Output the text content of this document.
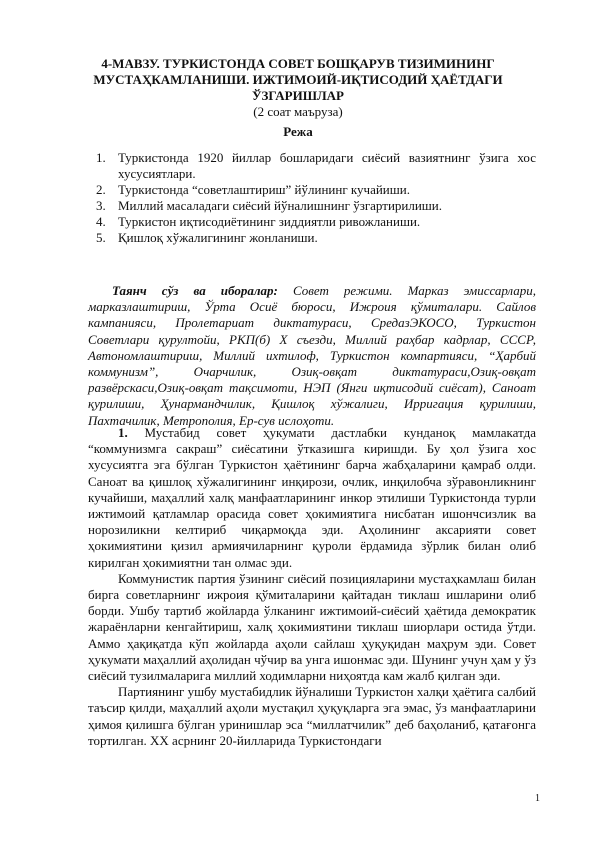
4-МАВЗУ. ТУРКИСТОНДА СОВЕТ БОШҚАРУВ ТИЗИМИНИНГ

МУСТАҲКАМЛАНИШИ. ИЖТИМОИЙ-ИҚТИСОДИЙ ҲАЁТДАГИ

ЎЗГАРИШЛАР

(2 соат маъруза)

Режа
1. Туркистонда 1920 йиллар бошларидаги сиёсий вазиятнинг ўзига хос хусусиятлари.
2. Туркистонда “советлаштириш” йўлининг кучайиши.
3. Миллий масаладаги сиёсий йўналишнинг ўзгартирилиши.
4. Туркистон иқтисодиётининг зиддиятли ривожланиши.
5. Қишлоқ хўжалигининг жонланиши.

Таянч сўз ва иборалар: Совет режими. Марказ эмиссарлари, марказлаштириш, Ўрта Осиё бюроси, Ижроия қўмиталари. Сайлов кампанияси, Пролетариат диктатураси, СредазЭКОСО, Туркистон Советлари қурултойи, РКП(б) Х съезди, Миллий раҳбар кадрлар, СССР, Автономлаштириш, Миллий ихтилоф, Туркистон компартияси, “Ҳарбий коммунизм”, Очарчилик, Озиқ-овқат диктатураси,Озиқ-овқат развёрскаси,Озиқ-овқат тақсимоти, НЭП (Янги иқтисодий сиёсат), Саноат қурилиши, Ҳунармандчилик, Қишлоқ хўжалиги, Ирригация қурилиши, Пахтачилик, Метрополия, Ер-сув ислоҳоти.

1. Мустабид совет ҳукумати дастлабки кунданоқ мамлакатда “коммунизмга сакраш” сиёсатини ўтказишга киришди. Бу ҳол ўзига хос хусусиятга эга бўлган Туркистон ҳаётининг барча жабҳаларини қамраб олди. Саноат ва қишлоқ хўжалигининг инқирози, очлик, инқилобча зўравонликнинг кучайиши, маҳаллий халқ манфаатларининг инкор этилиши Туркистонда турли ижтимоий қатламлар орасида совет ҳокимиятига нисбатан ишончсизлик ва норозиликни келтириб чиқармоқда эди. Аҳолининг аксарияти совет ҳокимиятини қизил армиячиларнинг қуроли ёрдамида зўрлик билан олиб кирилган ҳокимиятни тан олмас эди.

Коммунистик партия ўзининг сиёсий позицияларини мустаҳкамлаш билан бирга советларнинг ижроия қўмиталарини қайтадан тиклаш ишларини олиб борди. Ушбу тартиб жойларда ўлканинг ижтимоий-сиёсий ҳаётида демократик жараёнларни кенгайтириш, халқ ҳокимиятини тиклаш шиорлари остида ўтди. Аммо ҳақиқатда кўп жойларда аҳоли сайлаш ҳуқуқидан маҳрум эди. Совет ҳукумати маҳаллий аҳолидан чўчир ва унга ишонмас эди. Шунинг учун ҳам у ўз сиёсий тузилмаларига миллий ходимларни ниҳоятда кам жалб қилган эди.

Партиянинг ушбу мустабидлик йўналиши Туркистон халқи ҳаётига салбий таъсир қилди, маҳаллий аҳоли мустақил ҳуқуқларга эга эмас, ўз манфаатларини ҳимоя қилишга бўлган уринишлар эса “миллатчилик” деб баҳоланиб, қатағонга тортилган. ХХ асрнинг 20-йилларида Туркистондаги

1
